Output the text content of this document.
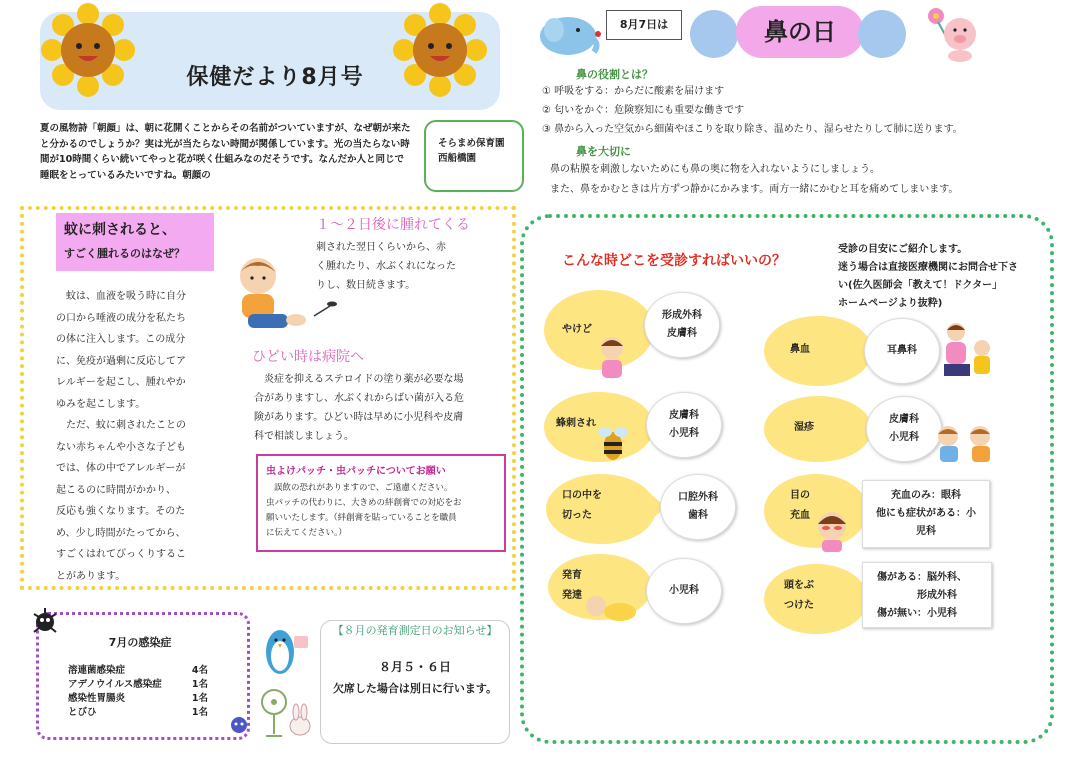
保健だより8月号
夏の風物詩「朝顔」は、朝に花開くことからその名前がついていますが、なぜ朝が来たと分かるのでしょうか？実は光が当たらない時間が関係しています。光の当たらない時間が10時間くらい続いてやっと花が咲く仕組みなのだそうです。なんだか人と同じで睡眠をとっているみたいですね。朝顔の
そらまめ保育園
西船橋園
8月7日は	鼻の日
鼻の役割とは？
① 呼吸をする：からだに酸素を届けます
② 匂いをかぐ：危険察知にも重要な働きです
③ 鼻から入った空気から細菌やほこりを取り除き、温めたり、湿らせたりして肺に送ります。
鼻を大切に
鼻の粘膜を刺激しないためにも鼻の奥に物を入れないようにしましょう。
また、鼻をかむときは片方ずつ静かにかみます。両方一緒にかむと耳を痛めてしまいます。
蚊に刺されると、
すごく腫れるのはなぜ？
　蚊は、血液を吸う時に自分
の口から唾液の成分を私たち
の体に注入します。この成分
に、免疫が過剰に反応してア
レルギーを起こし、腫れやか
ゆみを起こします。
　ただ、蚊に刺されたことの
ない赤ちゃんや小さな子ども
では、体の中でアレルギーが
起こるのに時間がかかり、
反応も強くなります。そのた
め、少し時間がたってから、
すごくはれてびっくりするこ
とがあります。
１～２日後に腫れてくる
刺された翌日くらいから、赤
く腫れたり、水ぶくれになった
りし、数日続きます。
ひどい時は病院へ
炎症を抑えるステロイドの塗り薬が必要な場
合がありますし、水ぶくれからばい菌が入る危
険があります。ひどい時は早めに小児科や皮膚
科で相談しましょう。
虫よけパッチ・虫パッチについてお願い
誤飲の恐れがありますので、ご遠慮ください。
虫パッチの代わりに、大きめの絆創膏での対応をお
願いいたします。（絆創膏を貼っていることを職員
に伝えてください。）
7月の感染症
溶連菌感染症	4名
アデノウイルス感染症	1名
感染性胃腸炎	1名
とびひ	1名
【８月の発育測定日のお知らせ】
８月５・６日
欠席した場合は別日に行います。
こんな時どこを受診すればいいの？
受診の目安にご紹介します。
迷う場合は直接医療機関にお問合せ下さ
い(佐久医師会「教えて！ドクター」
ホームページより抜粋)
やけど
形成外科
皮膚科
蜂刺され
皮膚科
小児科
口の中を
切った
口腔外科
歯科
発育
発達	小児科
鼻血	耳鼻科
湿疹
皮膚科
小児科
目の
充血
充血のみ：眼科
他にも症状がある：小
児科
頭をぶ
つけた
傷がある：脳外科、
　　　　形成外科
傷が無い：小児科
